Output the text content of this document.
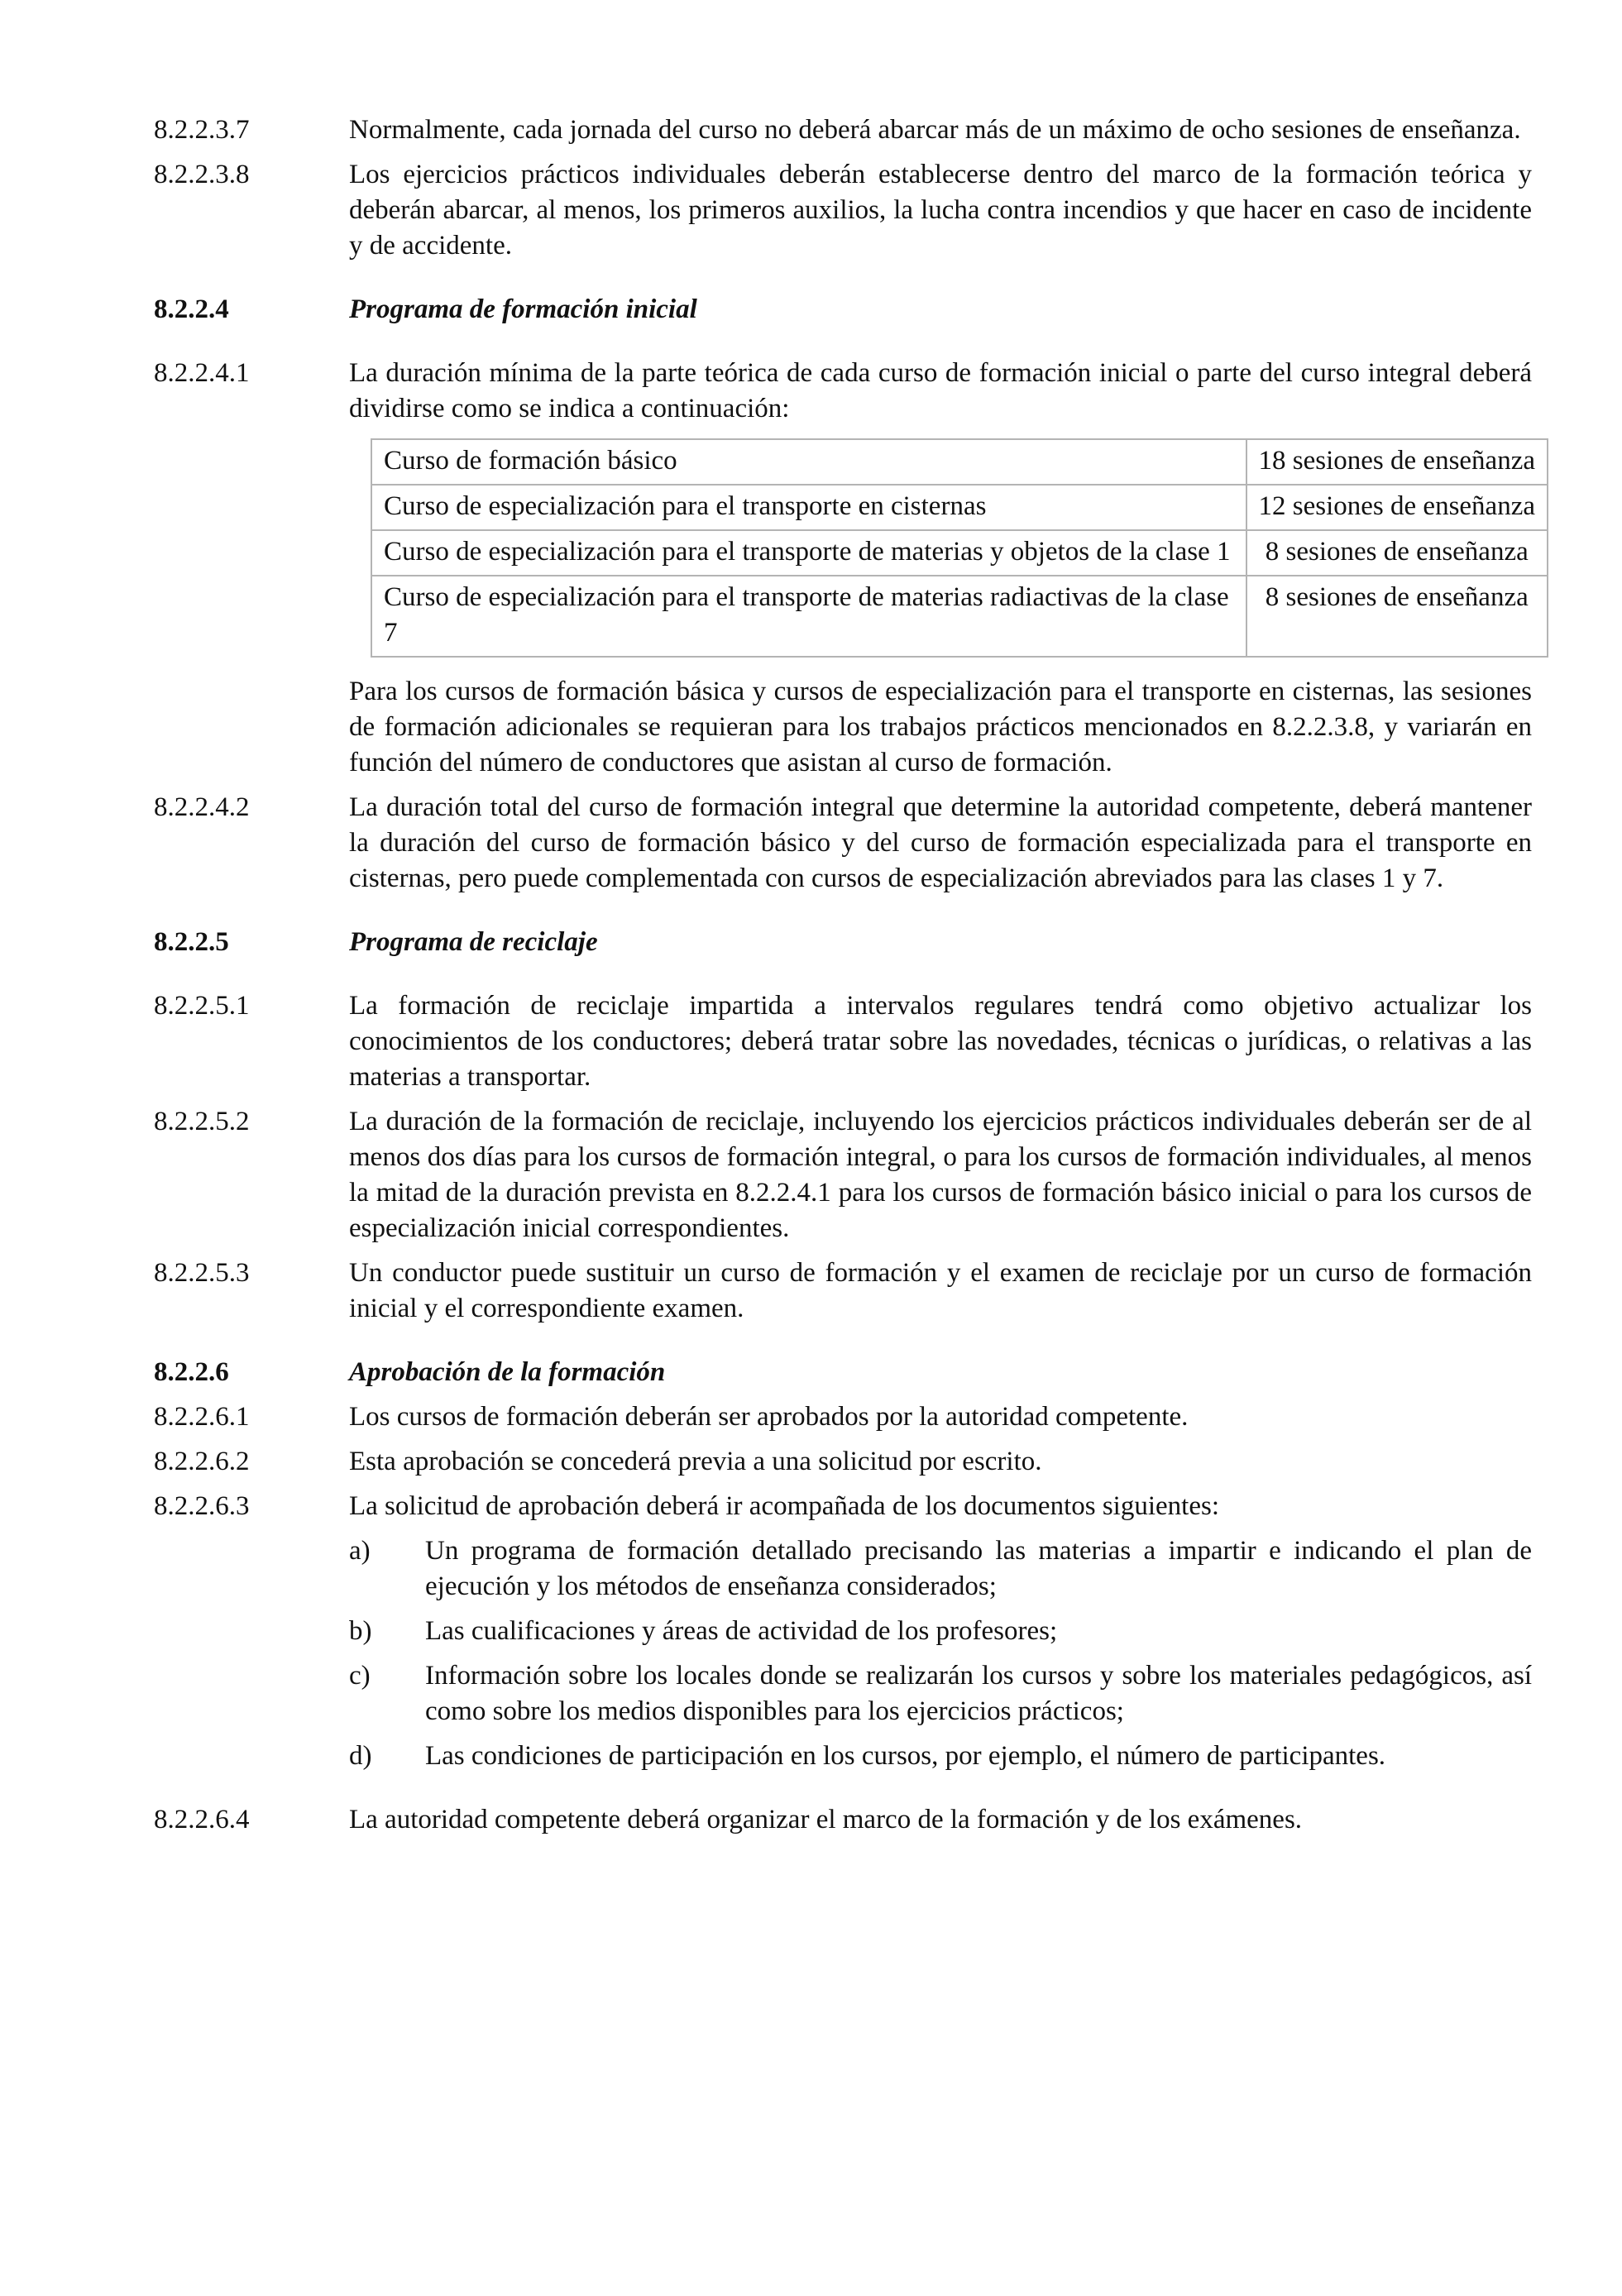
8.2.2.3.7	Normalmente, cada jornada del curso no deberá abarcar más de un máximo de ocho sesiones de enseñanza.
8.2.2.3.8	Los ejercicios prácticos individuales deberán establecerse dentro del marco de la formación teórica y deberán abarcar, al menos, los primeros auxilios, la lucha contra incendios y que hacer en caso de incidente y de accidente.
8.2.2.4	Programa de formación inicial
8.2.2.4.1	La duración mínima de la parte teórica de cada curso de formación inicial o parte del curso integral deberá dividirse como se indica a continuación:
Curso de formación básico	18 sesiones de enseñanza
Curso de especialización para el transporte en cisternas	12 sesiones de enseñanza
Curso de especialización para el transporte de materias y objetos de la clase 1	8 sesiones de enseñanza
Curso de especialización para el transporte de materias radiactivas de la clase 7	8 sesiones de enseñanza
Para los cursos de formación básica y cursos de especialización para el transporte en cisternas, las sesiones de formación adicionales se requieran para los trabajos prácticos mencionados en 8.2.2.3.8, y variarán en función del número de conductores que asistan al curso de formación.
8.2.2.4.2	La duración total del curso de formación integral que determine la autoridad competente, deberá mantener la duración del curso de formación básico y del curso de formación especializada para el transporte en cisternas, pero puede complementada con cursos de especialización abreviados para las clases 1 y 7.
8.2.2.5	Programa de reciclaje
8.2.2.5.1	La formación de reciclaje impartida a intervalos regulares tendrá como objetivo actualizar los conocimientos de los conductores; deberá tratar sobre las novedades, técnicas o jurídicas, o relativas a las materias a transportar.
8.2.2.5.2	La duración de la formación de reciclaje, incluyendo los ejercicios prácticos individuales deberán ser de al menos dos días para los cursos de formación integral, o para los cursos de formación individuales, al menos la mitad de la duración prevista en 8.2.2.4.1 para los cursos de formación básico inicial o para los cursos de especialización inicial correspondientes.
8.2.2.5.3	Un conductor puede sustituir un curso de formación y el examen de reciclaje por un curso de formación inicial y el correspondiente examen.
8.2.2.6	Aprobación de la formación
8.2.2.6.1	Los cursos de formación deberán ser aprobados por la autoridad competente.
8.2.2.6.2	Esta aprobación se concederá previa a una solicitud por escrito.
8.2.2.6.3	La solicitud de aprobación deberá ir acompañada de los documentos siguientes:
a)	Un programa de formación detallado precisando las materias a impartir e indicando el plan de ejecución y los métodos de enseñanza considerados;
b)	Las cualificaciones y áreas de actividad de los profesores;
c)	Información sobre los locales donde se realizarán los cursos y sobre los materiales pedagógicos, así como sobre los medios disponibles para los ejercicios prácticos;
d)	Las condiciones de participación en los cursos, por ejemplo, el número de participantes.
8.2.2.6.4	La autoridad competente deberá organizar el marco de la formación y de los exámenes.
